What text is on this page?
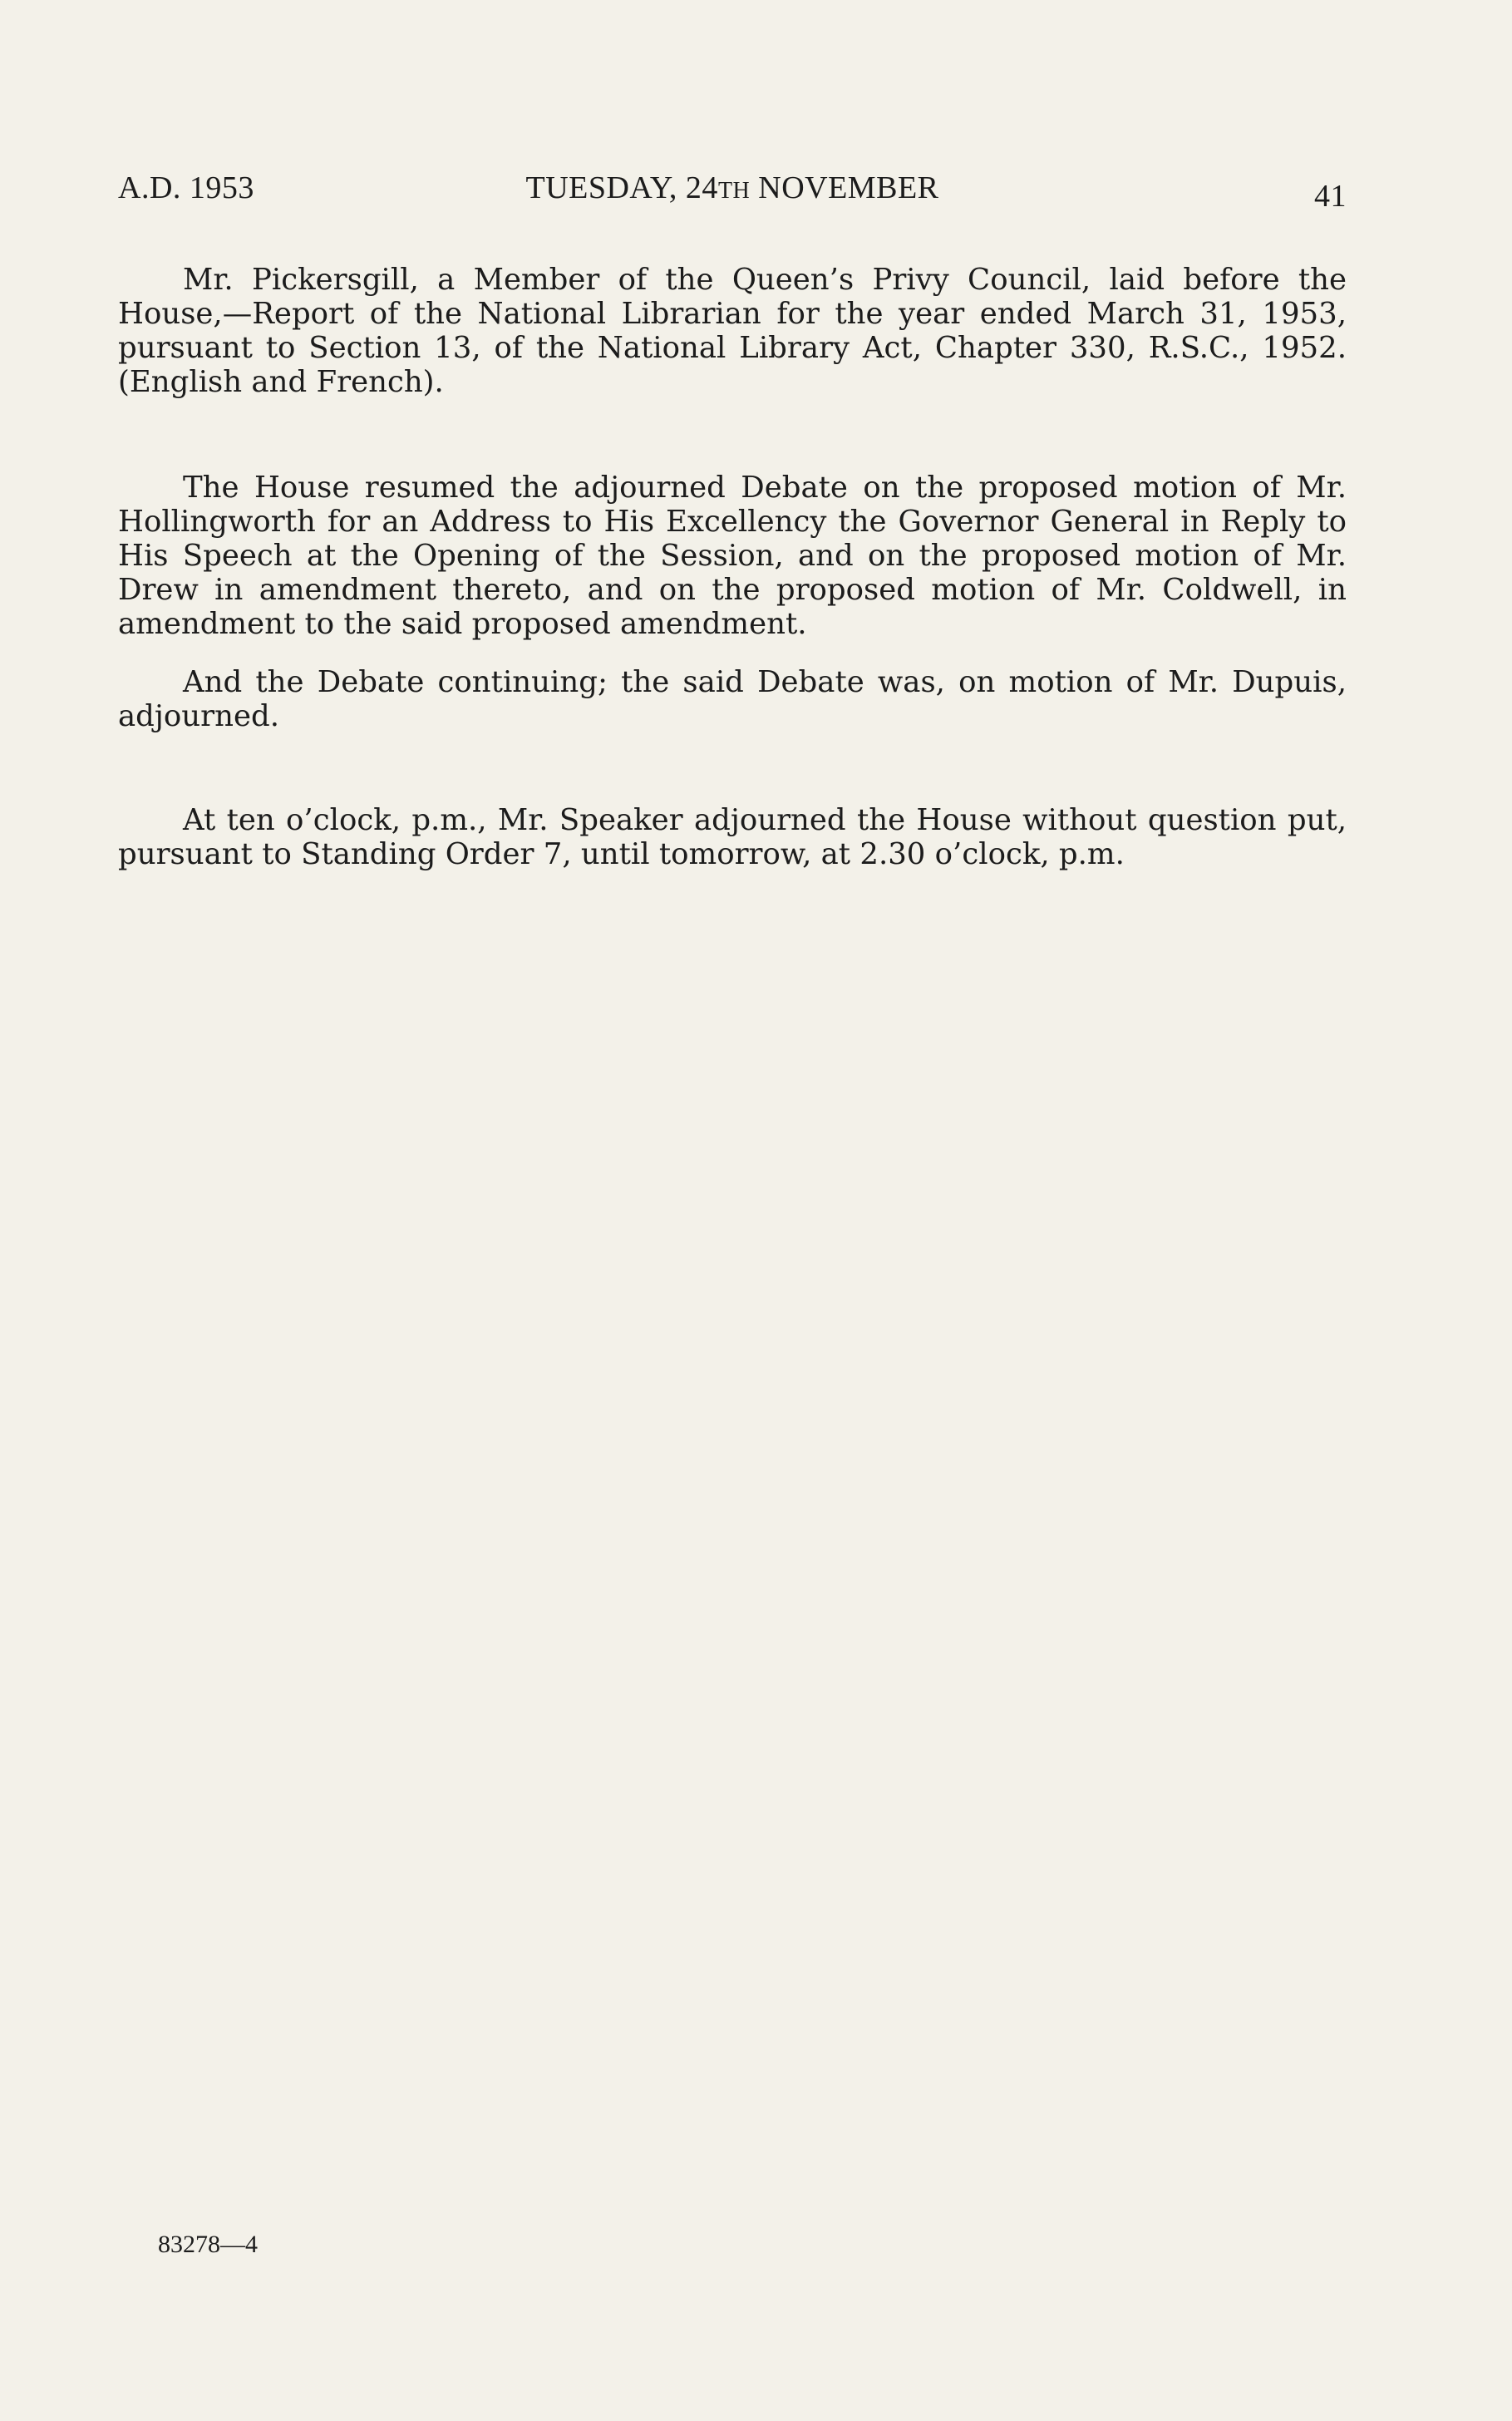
A.D. 1953	TUESDAY, 24TH NOVEMBER	41

Mr. Pickersgill, a Member of the Queen’s Privy Council, laid before the House,—Report of the National Librarian for the year ended March 31, 1953, pursuant to Section 13, of the National Library Act, Chapter 330, R.S.C., 1952. (English and French).

The House resumed the adjourned Debate on the proposed motion of Mr. Hollingworth for an Address to His Excellency the Governor General in Reply to His Speech at the Opening of the Session, and on the proposed motion of Mr. Drew in amendment thereto, and on the proposed motion of Mr. Coldwell, in amendment to the said proposed amendment.

And the Debate continuing; the said Debate was, on motion of Mr. Dupuis, adjourned.

At ten o’clock, p.m., Mr. Speaker adjourned the House without question put, pursuant to Standing Order 7, until tomorrow, at 2.30 o’clock, p.m.

83278—4
